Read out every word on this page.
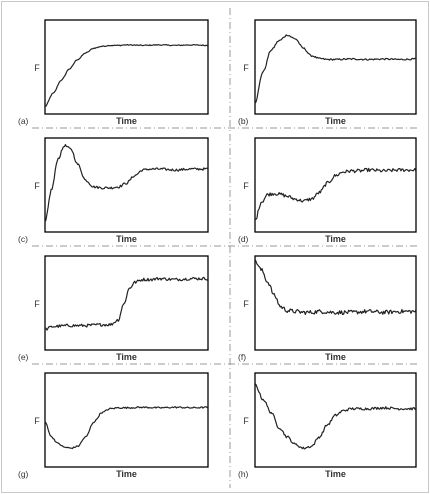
F
Time
(a)
F
Time
(b)
F
Time
(c)
F
Time
(d)
F
Time
(e)
F
Time
(f)
F
Time
(g)
F
Time
(h)
